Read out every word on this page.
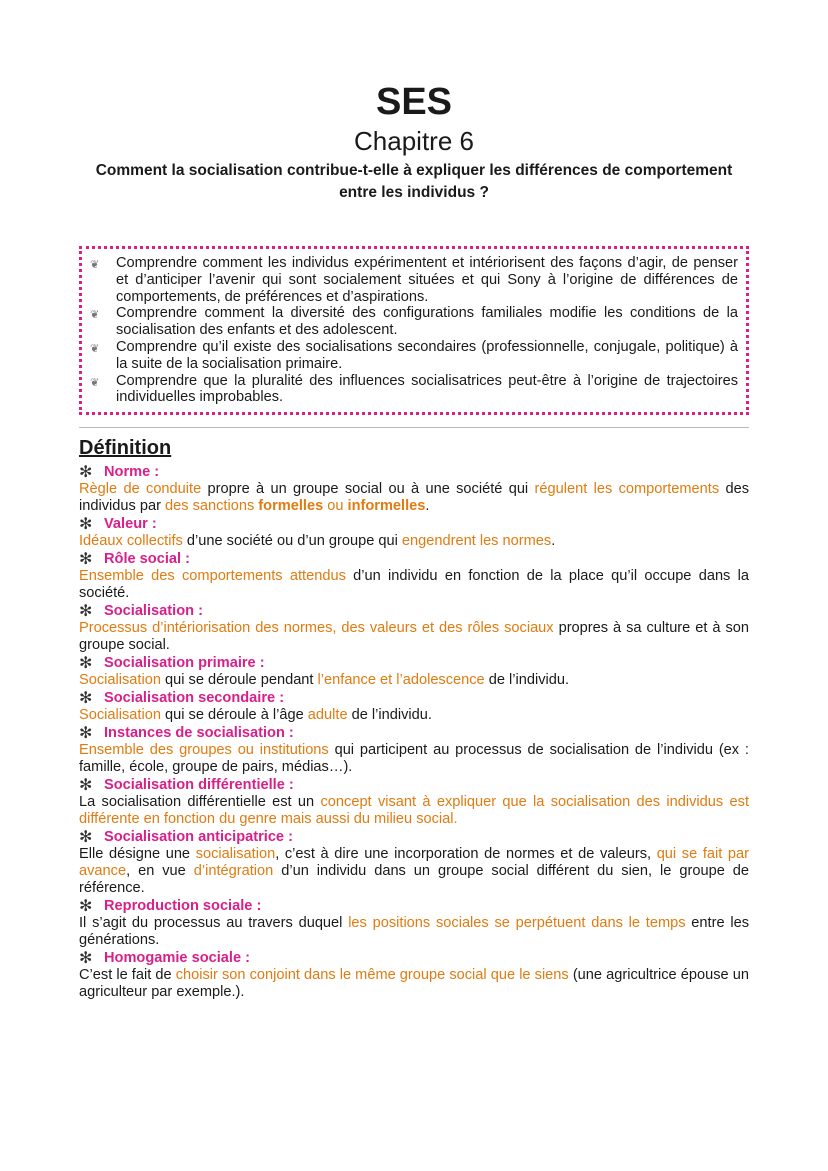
SES
Chapitre 6
Comment la socialisation contribue-t-elle à expliquer les différences de comportement entre les individus ?
❦	Comprendre comment les individus expérimentent et intériorisent des façons d’agir, de penser et d’anticiper l’avenir qui sont socialement situées et qui Sony à l’origine de différences de comportements, de préférences et d’aspirations.
❦	Comprendre comment la diversité des configurations familiales modifie les conditions de la socialisation des enfants et des adolescent.
❦	Comprendre qu’il existe des socialisations secondaires (professionnelle, conjugale, politique) à la suite de la socialisation primaire.
❦	Comprendre que la pluralité des influences socialisatrices peut-être à l’origine de trajectoires individuelles improbables.
Définition
✻ Norme :
Règle de conduite propre à un groupe social ou à une société qui régulent les comportements des individus par des sanctions formelles ou informelles.
✻ Valeur :
Idéaux collectifs d’une société ou d’un groupe qui engendrent les normes.
✻ Rôle social :
Ensemble des comportements attendus d’un individu en fonction de la place qu’il occupe dans la société.
✻ Socialisation :
Processus d’intériorisation des normes, des valeurs et des rôles sociaux propres à sa culture et à son groupe social.
✻ Socialisation primaire :
Socialisation qui se déroule pendant l’enfance et l’adolescence de l’individu.
✻ Socialisation secondaire :
Socialisation qui se déroule à l’âge adulte de l’individu.
✻ Instances de socialisation :
Ensemble des groupes ou institutions qui participent au processus de socialisation de l’individu (ex : famille, école, groupe de pairs, médias…).
✻ Socialisation différentielle :
La socialisation différentielle est un concept visant à expliquer que la socialisation des individus est différente en fonction du genre mais aussi du milieu social.
✻ Socialisation anticipatrice :
Elle désigne une socialisation, c’est à dire une incorporation de normes et de valeurs, qui se fait par avance, en vue d’intégration d’un individu dans un groupe social différent du sien, le groupe de référence.
✻ Reproduction sociale :
Il s’agit du processus au travers duquel les positions sociales se perpétuent dans le temps entre les générations.
✻ Homogamie sociale :
C’est le fait de choisir son conjoint dans le même groupe social que le siens (une agricultrice épouse un agriculteur par exemple.).
